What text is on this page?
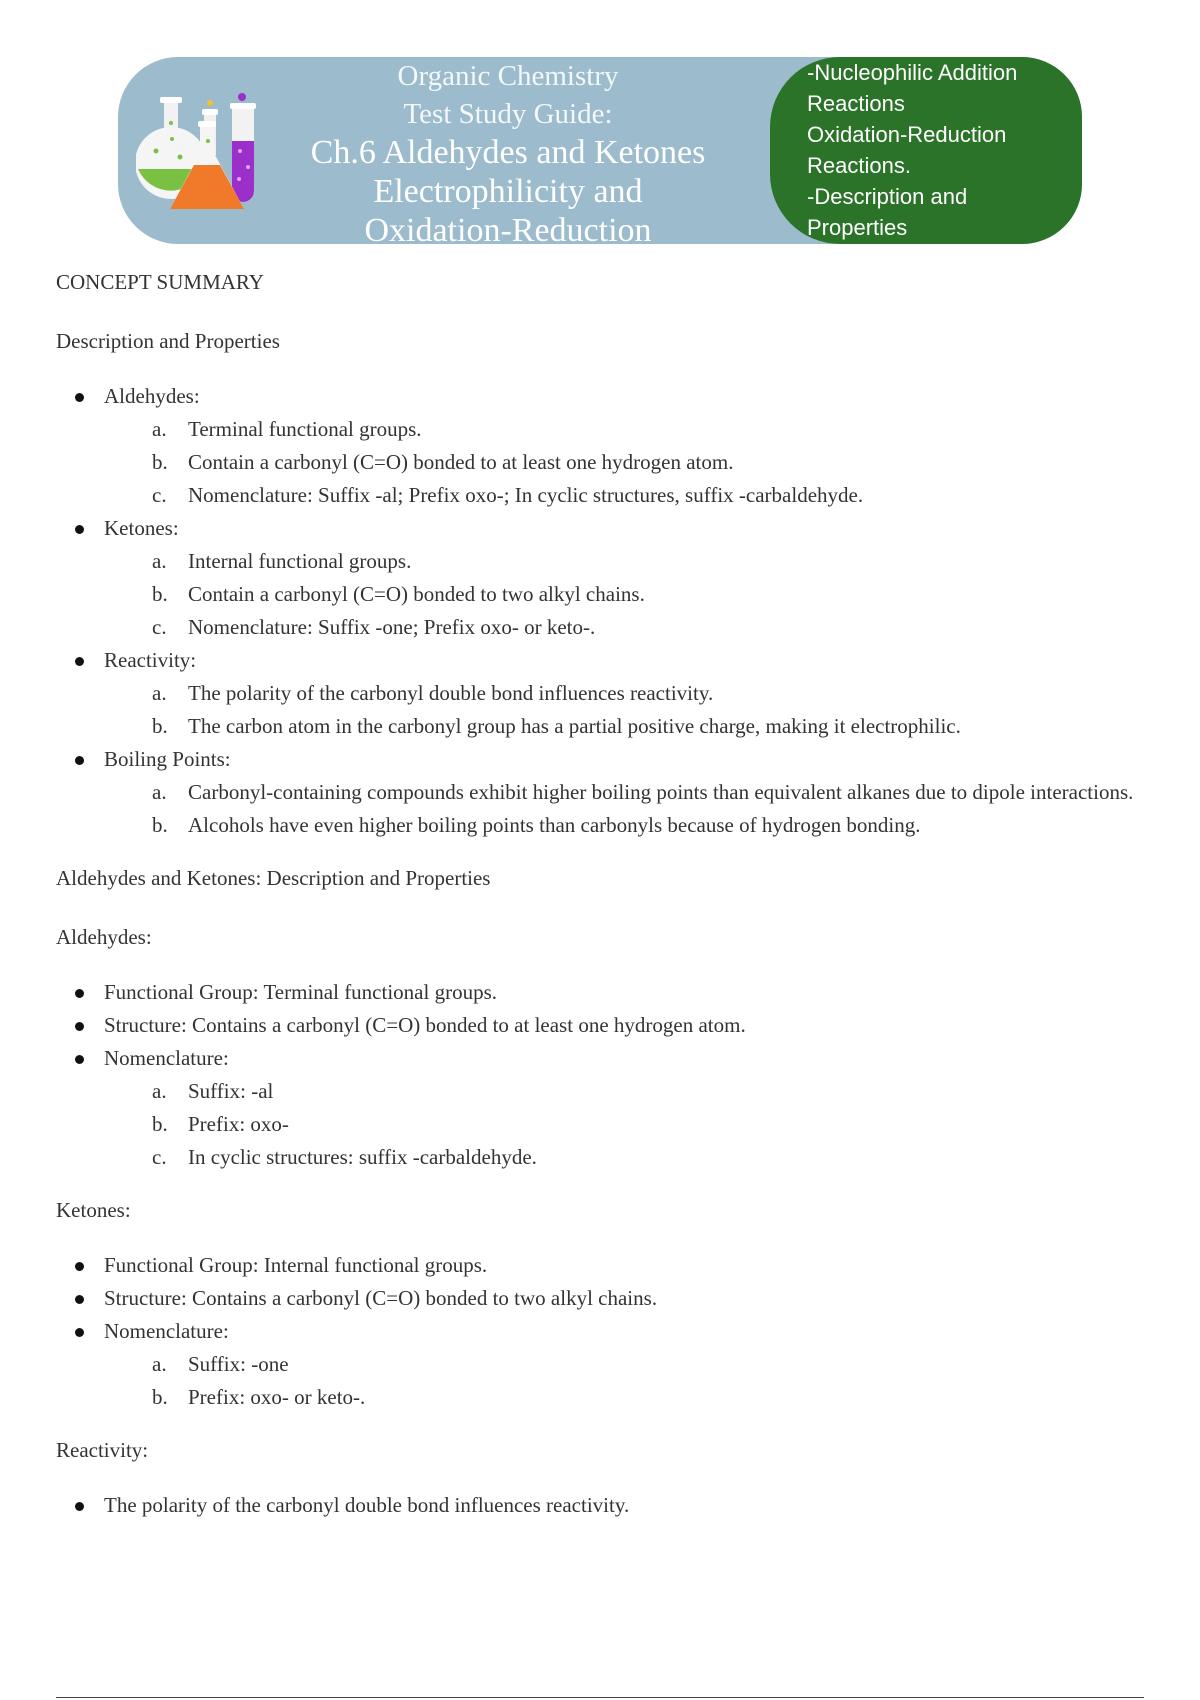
Organic Chemistry
Test Study Guide:
Ch.6 Aldehydes and Ketones
Electrophilicity and
Oxidation-Reduction
-Nucleophilic Addition
Reactions
Oxidation-Reduction
Reactions.
-Description and
Properties

CONCEPT SUMMARY

Description and Properties

Aldehydes:
a. Terminal functional groups.
b. Contain a carbonyl (C=O) bonded to at least one hydrogen atom.
c. Nomenclature: Suffix -al; Prefix oxo-; In cyclic structures, suffix -carbaldehyde.
Ketones:
a. Internal functional groups.
b. Contain a carbonyl (C=O) bonded to two alkyl chains.
c. Nomenclature: Suffix -one; Prefix oxo- or keto-.
Reactivity:
a. The polarity of the carbonyl double bond influences reactivity.
b. The carbon atom in the carbonyl group has a partial positive charge, making it electrophilic.
Boiling Points:
a. Carbonyl-containing compounds exhibit higher boiling points than equivalent alkanes due to dipole interactions.
b. Alcohols have even higher boiling points than carbonyls because of hydrogen bonding.

Aldehydes and Ketones: Description and Properties

Aldehydes:

Functional Group: Terminal functional groups.
Structure: Contains a carbonyl (C=O) bonded to at least one hydrogen atom.
Nomenclature:
a. Suffix: -al
b. Prefix: oxo-
c. In cyclic structures: suffix -carbaldehyde.

Ketones:

Functional Group: Internal functional groups.
Structure: Contains a carbonyl (C=O) bonded to two alkyl chains.
Nomenclature:
a. Suffix: -one
b. Prefix: oxo- or keto-.

Reactivity:

The polarity of the carbonyl double bond influences reactivity.
